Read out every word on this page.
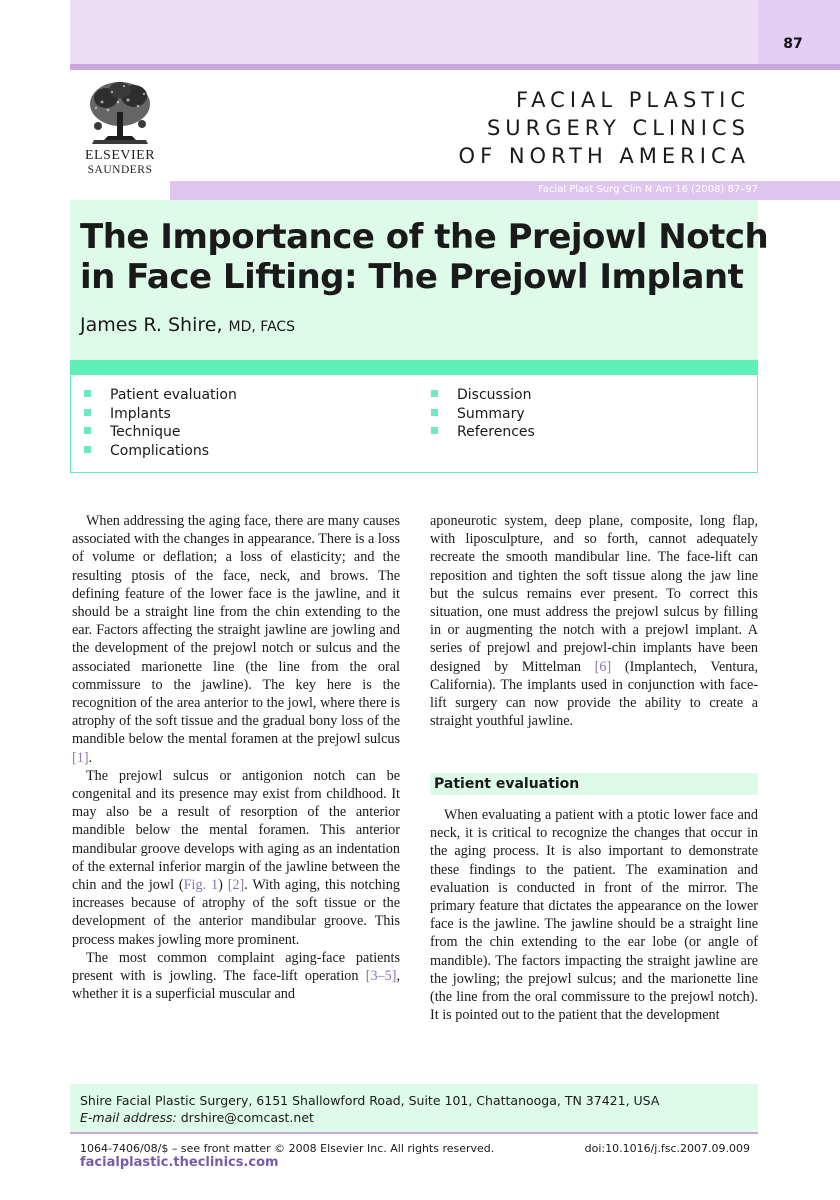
87
ELSEVIER
SAUNDERS
FACIAL PLASTIC
SURGERY CLINICS
OF NORTH AMERICA
Facial Plast Surg Clin N Am 16 (2008) 87–97
The Importance of the Prejowl Notch
in Face Lifting: The Prejowl Implant
James R. Shire, MD, FACS
Patient evaluation
Implants
Technique
Complications
Discussion
Summary
References

When addressing the aging face, there are many causes associated with the changes in appearance. There is a loss of volume or deflation; a loss of elasticity; and the resulting ptosis of the face, neck, and brows. The defining feature of the lower face is the jawline, and it should be a straight line from the chin extending to the ear. Factors affecting the straight jawline are jowling and the development of the prejowl notch or sulcus and the associated marionette line (the line from the oral commissure to the jawline). The key here is the recognition of the area anterior to the jowl, where there is atrophy of the soft tissue and the gradual bony loss of the mandible below the mental foramen at the prejowl sulcus [1].

The prejowl sulcus or antigonion notch can be congenital and its presence may exist from childhood. It may also be a result of resorption of the anterior mandible below the mental foramen. This anterior mandibular groove develops with aging as an indentation of the external inferior margin of the jawline between the chin and the jowl (Fig. 1) [2]. With aging, this notching increases because of atrophy of the soft tissue or the development of the anterior mandibular groove. This process makes jowling more prominent.

The most common complaint aging-face patients present with is jowling. The face-lift operation [3–5], whether it is a superficial muscular and

aponeurotic system, deep plane, composite, long flap, with liposculpture, and so forth, cannot adequately recreate the smooth mandibular line. The face-lift can reposition and tighten the soft tissue along the jaw line but the sulcus remains ever present. To correct this situation, one must address the prejowl sulcus by filling in or augmenting the notch with a prejowl implant. A series of prejowl and prejowl-chin implants have been designed by Mittelman [6] (Implantech, Ventura, California). The implants used in conjunction with face-lift surgery can now provide the ability to create a straight youthful jawline.

Patient evaluation

When evaluating a patient with a ptotic lower face and neck, it is critical to recognize the changes that occur in the aging process. It is also important to demonstrate these findings to the patient. The examination and evaluation is conducted in front of the mirror. The primary feature that dictates the appearance on the lower face is the jawline. The jawline should be a straight line from the chin extending to the ear lobe (or angle of mandible). The factors impacting the straight jawline are the jowling; the prejowl sulcus; and the marionette line (the line from the oral commissure to the prejowl notch). It is pointed out to the patient that the development

Shire Facial Plastic Surgery, 6151 Shallowford Road, Suite 101, Chattanooga, TN 37421, USA
E-mail address: drshire@comcast.net
1064-7406/08/$ – see front matter © 2008 Elsevier Inc. All rights reserved.	doi:10.1016/j.fsc.2007.09.009
facialplastic.theclinics.com
